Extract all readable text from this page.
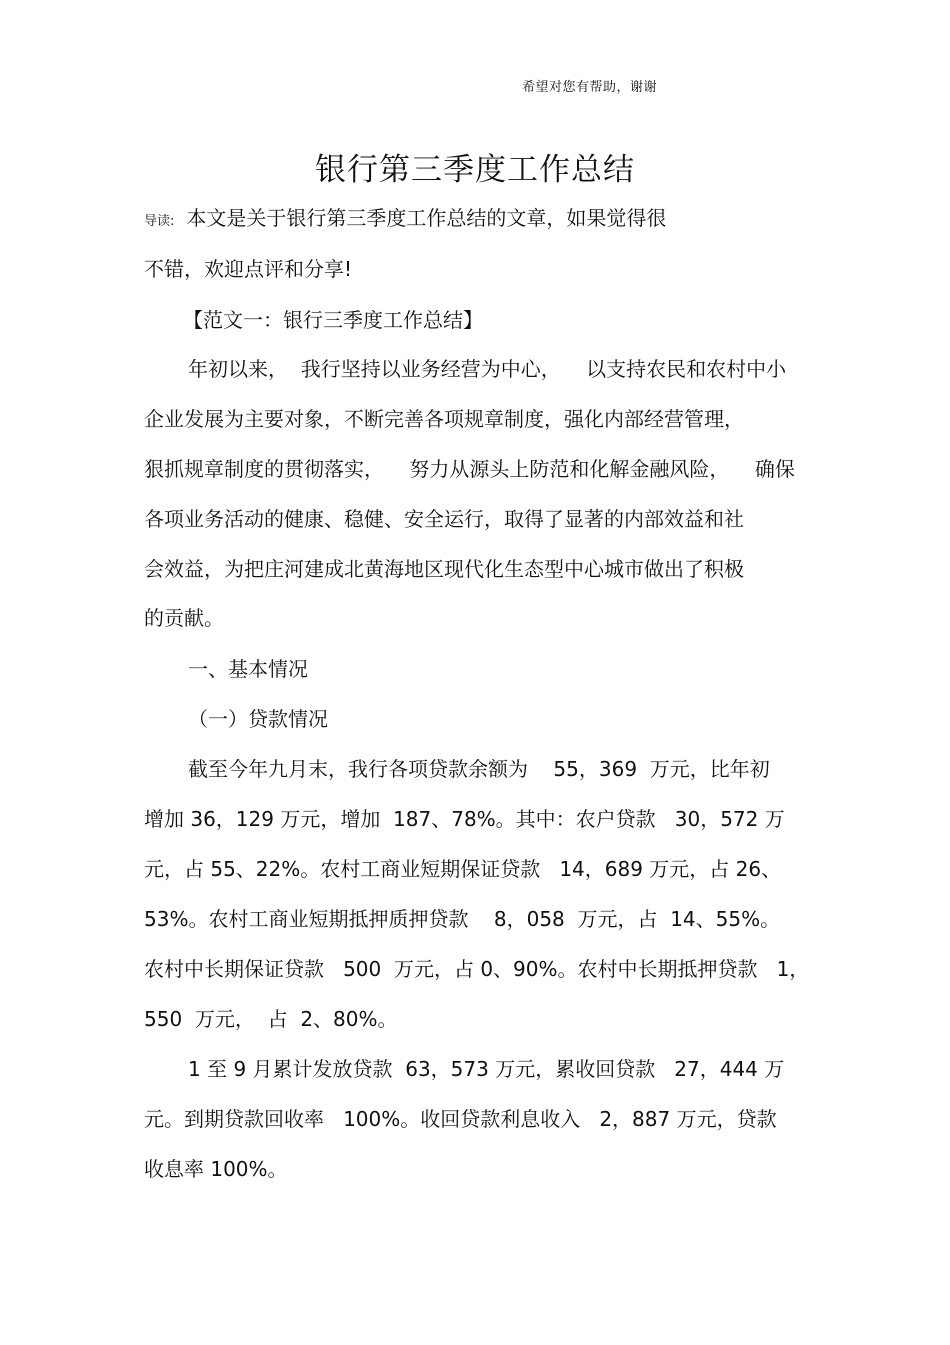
希望对您有帮助，谢谢
银行第三季度工作总结
导读: 本文是关于银行第三季度工作总结的文章，如果觉得很
不错，欢迎点评和分享!
【范文一：银行三季度工作总结】
年初以来，  我行坚持以业务经营为中心，    以支持农民和农村中小
企业发展为主要对象，不断完善各项规章制度，强化内部经营管理，
狠抓规章制度的贯彻落实，    努力从源头上防范和化解金融风险，    确保
各项业务活动的健康、稳健、安全运行，取得了显著的内部效益和社
会效益，为把庄河建成北黄海地区现代化生态型中心城市做出了积极
的贡献。
一、基本情况
（一）贷款情况
截至今年九月末，我行各项贷款余额为    55，369  万元，比年初
增加 36，129 万元，增加  187、78%。其中：农户贷款   30，572 万
元，占 55、22%。农村工商业短期保证贷款   14，689 万元，占 26、
53%。农村工商业短期抵押质押贷款    8，058  万元，占  14、55%。
农村中长期保证贷款   500  万元，占 0、90%。农村中长期抵押贷款   1，
550  万元，  占  2、80%。
1 至 9 月累计发放贷款  63，573 万元，累收回贷款   27，444 万
元。到期贷款回收率   100%。收回贷款利息收入   2，887 万元，贷款
收息率 100%。
